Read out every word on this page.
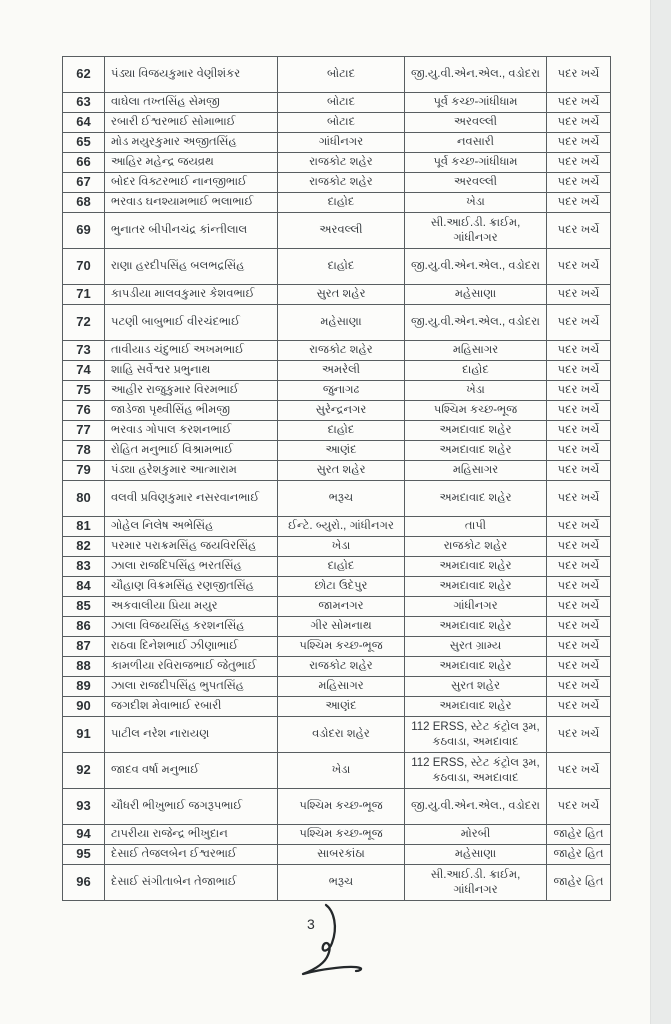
62	પંડ્યા વિજયકુમાર વેણીશંકર	બોટાદ	જી.યુ.વી.એન.એલ., વડોદરા	પદર ખર્ચે

63	વાઘેલા તખ્તસિંહ સેમજી	બોટાદ	પૂર્વ કચ્છ-ગાંધીધામ	પદર ખર્ચે

64	રબારી ઈશ્વરભાઈ સોમાભાઈ	બોટાદ	અરવલ્લી	પદર ખર્ચે

65	મોડ મયુરકુમાર અજીતસિંહ	ગાંધીનગર	નવસારી	પદર ખર્ચે

66	આહિર મહેન્દ્ર જયવ્રથ	રાજકોટ શહેર	પૂર્વ કચ્છ-ગાંધીધામ	પદર ખર્ચે

67	બોદર વિક્ટરભાઈ નાનજીભાઈ	રાજકોટ શહેર	અરવલ્લી	પદર ખર્ચે

68	ભરવાડ ઘનશ્યામભાઈ ભલાભાઈ	દાહોદ	ખેડા	પદર ખર્ચે

69	ભુનાતર બીપીનચંદ્ર કાંન્તીલાલ	અરવલ્લી	સી.આઈ.ડી. ક્રાઈમ, ગાંધીનગર	પદર ખર્ચે

70	રાણા હરદીપસિંહ બલભદ્રસિંહ	દાહોદ	જી.યુ.વી.એન.એલ., વડોદરા	પદર ખર્ચે

71	કાપડીયા માલવકુમાર કેશવભાઈ	સુરત શહેર	મહેસાણા	પદર ખર્ચે

72	પટણી બાબુભાઈ વીરચંદભાઈ	મહેસાણા	જી.યુ.વી.એન.એલ., વડોદરા	પદર ખર્ચે

73	તાવીયાડ ચંદુભાઈ અખમભાઈ	રાજકોટ શહેર	મહિસાગર	પદર ખર્ચે

74	શાહિ સર્વેશ્વર પ્રભુનાથ	અમરેલી	દાહોદ	પદર ખર્ચે

75	આહીર રાજુકુમાર વિરમભાઈ	જુનાગઢ	ખેડા	પદર ખર્ચે

76	જાડેજા પૃથ્વીસિંહ ભીમજી	સુરેન્દ્રનગર	પશ્ચિમ કચ્છ-ભૂજ	પદર ખર્ચે

77	ભરવાડ ગોપાલ કરશનભાઈ	દાહોદ	અમદાવાદ શહેર	પદર ખર્ચે

78	રોહિત મનુભાઈ વિશ્રામભાઈ	આણંદ	અમદાવાદ શહેર	પદર ખર્ચે

79	પંડ્યા હરેશકુમાર આત્મારામ	સુરત શહેર	મહિસાગર	પદર ખર્ચે

80	વલવી પ્રવિણકુમાર નસરવાનભાઈ	ભરૂચ	અમદાવાદ શહેર	પદર ખર્ચે

81	ગોહેલ નિલેષ અભેસિંહ	ઈન્ટે. બ્યુરો., ગાંધીનગર	તાપી	પદર ખર્ચે

82	પરમાર પરાક્રમસિંહ જયવિરસિંહ	ખેડા	રાજકોટ શહેર	પદર ખર્ચે

83	ઝાલા રાજદિપસિંહ ભરતસિંહ	દાહોદ	અમદાવાદ શહેર	પદર ખર્ચે

84	ચૌહાણ વિક્રમસિંહ રણજીતસિંહ	છોટા ઉદેપુર	અમદાવાદ શહેર	પદર ખર્ચે

85	અકવાલીયા પ્રિયા મયુર	જામનગર	ગાંધીનગર	પદર ખર્ચે

86	ઝાલા વિજયસિંહ કરશનસિંહ	ગીર સોમનાથ	અમદાવાદ શહેર	પદર ખર્ચે

87	રાઠવા દિનેશભાઈ ઝીણાભાઈ	પશ્ચિમ કચ્છ-ભૂજ	સુરત ગ્રામ્ય	પદર ખર્ચે

88	કામળીયા રવિરાજભાઈ જેતુભાઈ	રાજકોટ શહેર	અમદાવાદ શહેર	પદર ખર્ચે

89	ઝાલા રાજદીપસિંહ ભુપતસિંહ	મહિસાગર	સુરત શહેર	પદર ખર્ચે

90	જગદીશ મેવાભાઈ રબારી	આણંદ	અમદાવાદ શહેર	પદર ખર્ચે

91	પાટીલ નરેશ નારાયણ	વડોદરા શહેર	112 ERSS, સ્ટેટ કંટ્રોલ રૂમ, કઠવાડા, અમદાવાદ	પદર ખર્ચે

92	જાદવ વર્ષા મનુભાઈ	ખેડા	112 ERSS, સ્ટેટ કંટ્રોલ રૂમ, કઠવાડા, અમદાવાદ	પદર ખર્ચે

93	ચૌધરી ભીખુભાઈ જગરૂપભાઈ	પશ્ચિમ કચ્છ-ભૂજ	જી.યુ.વી.એન.એલ., વડોદરા	પદર ખર્ચે

94	ટાપરીયા રાજેન્દ્ર ભીખુદાન	પશ્ચિમ કચ્છ-ભૂજ	મોરબી	જાહેર હિત

95	દેસાઈ તેજલબેન ઈશ્વરભાઈ	સાબરકાંઠા	મહેસાણા	જાહેર હિત

96	દેસાઈ સંગીતાબેન તેજાભાઈ	ભરૂચ	સી.આઈ.ડી. ક્રાઈમ, ગાંધીનગર	જાહેર હિત
3
